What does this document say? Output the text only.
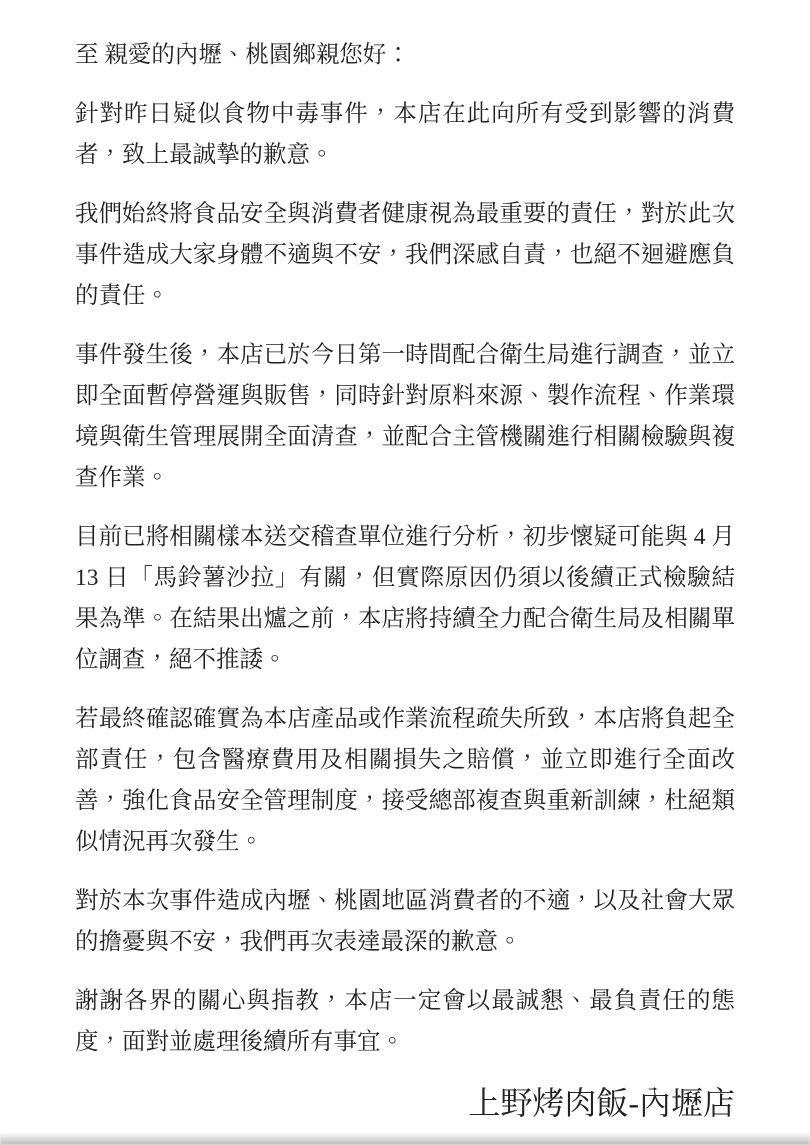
至 親愛的內壢、桃園鄉親您好：
針對昨日疑似食物中毒事件，本店在此向所有受到影響的消費者，致上最誠摯的歉意。
我們始終將食品安全與消費者健康視為最重要的責任，對於此次事件造成大家身體不適與不安，我們深感自責，也絕不迴避應負的責任。
事件發生後，本店已於今日第一時間配合衛生局進行調查，並立即全面暫停營運與販售，同時針對原料來源、製作流程、作業環境與衛生管理展開全面清查，並配合主管機關進行相關檢驗與複查作業。
目前已將相關樣本送交稽查單位進行分析，初步懷疑可能與 4 月 13 日「馬鈴薯沙拉」有關，但實際原因仍須以後續正式檢驗結果為準。在結果出爐之前，本店將持續全力配合衛生局及相關單位調查，絕不推諉。
若最終確認確實為本店產品或作業流程疏失所致，本店將負起全部責任，包含醫療費用及相關損失之賠償，並立即進行全面改善，強化食品安全管理制度，接受總部複查與重新訓練，杜絕類似情況再次發生。
對於本次事件造成內壢、桃園地區消費者的不適，以及社會大眾的擔憂與不安，我們再次表達最深的歉意。
謝謝各界的關心與指教，本店一定會以最誠懇、最負責任的態度，面對並處理後續所有事宜。
上野烤肉飯-內壢店
